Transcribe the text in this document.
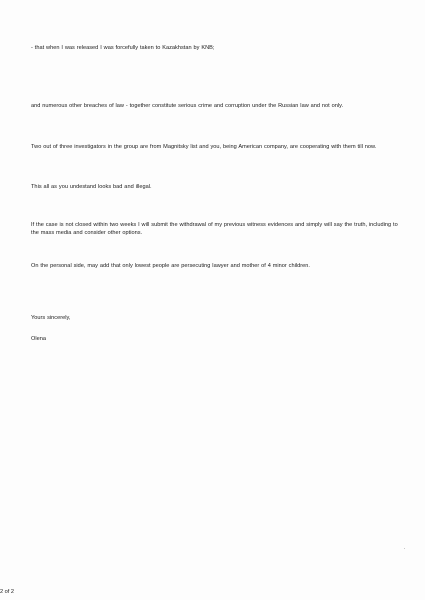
- that when I was released I was forcefully taken to Kazakhstan by KNB;
and numerous other breaches of law - together constitute serious crime and corruption under the Russian law and not only.
Two out of three investigators in the group are from Magnitsky list and you, being American company, are cooperating with them till now.
This all as you undestand looks bad and illegal.
If the case is not closed within two weeks I will submit the withdrawal of my previous witness evidences and simply will say the truth, including to the mass media and consider other options.
On the personal side, may add that only lowest people are persecuting lawyer and mother of 4 minor children.
Yours sincerely,
Olena
2 of 2
